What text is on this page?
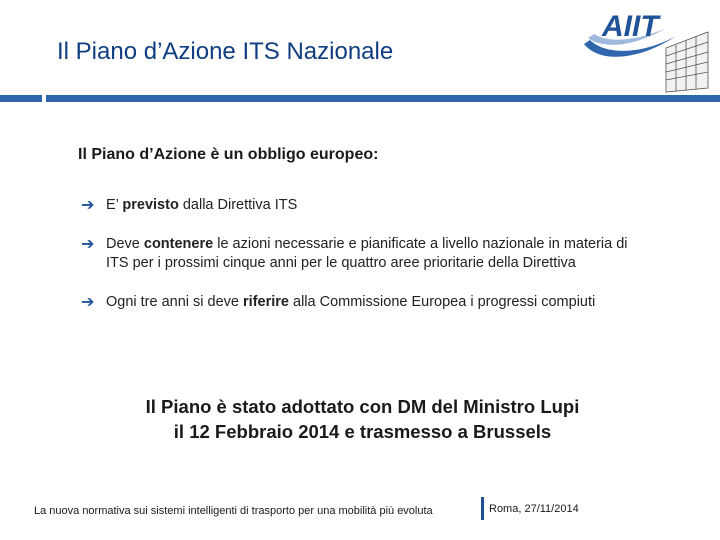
Il Piano d’Azione ITS Nazionale
AIIT
Il Piano d’Azione è un obbligo europeo:
➔ E’ previsto dalla Direttiva ITS
➔ Deve contenere le azioni necessarie e pianificate a livello nazionale in materia di ITS per i prossimi cinque anni per le quattro aree prioritarie della Direttiva
➔ Ogni tre anni si deve riferire alla Commissione Europea i progressi compiuti
Il Piano è stato adottato con DM del Ministro Lupi
il 12 Febbraio 2014 e trasmesso a Brussels
La nuova normativa sui sistemi intelligenti di trasporto per una mobilità più evoluta	Roma, 27/11/2014
